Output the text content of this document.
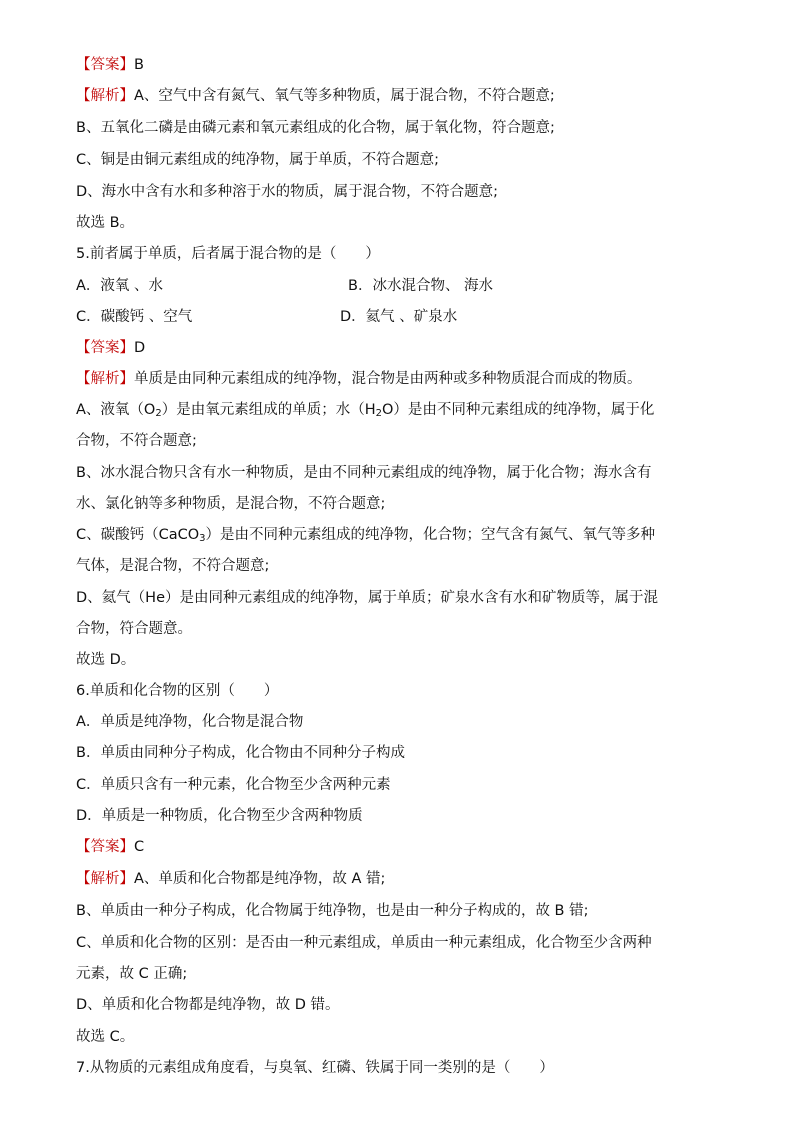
【答案】B
【解析】A、空气中含有氮气、氧气等多种物质，属于混合物，不符合题意;
B、五氧化二磷是由磷元素和氧元素组成的化合物，属于氧化物，符合题意;
C、铜是由铜元素组成的纯净物，属于单质，不符合题意;
D、海水中含有水和多种溶于水的物质，属于混合物，不符合题意;
故选 B。
5.前者属于单质，后者属于混合物的是（　　）
A．液氧 、水	B．冰水混合物、 海水
C．碳酸钙 、空气	D．氦气 、矿泉水
【答案】D
【解析】单质是由同种元素组成的纯净物，混合物是由两种或多种物质混合而成的物质。
A、液氧$(O_2)$是由氧元素组成的单质；水$(H_2O)$是由不同种元素组成的纯净物，属于化
合物，不符合题意;
B、冰水混合物只含有水一种物质，是由不同种元素组成的纯净物，属于化合物；海水含有
水、氯化钠等多种物质，是混合物，不符合题意;
C、碳酸钙（CaCO$_3$）是由不同种元素组成的纯净物，化合物；空气含有氮气、氧气等多种
气体，是混合物，不符合题意;
D、氦气（He）是由同种元素组成的纯净物，属于单质；矿泉水含有水和矿物质等，属于混
合物，符合题意。
故选 D。
6.单质和化合物的区别（　　）
A．单质是纯净物，化合物是混合物
B．单质由同种分子构成，化合物由不同种分子构成
C．单质只含有一种元素，化合物至少含两种元素
D．单质是一种物质，化合物至少含两种物质
【答案】C
【解析】A、单质和化合物都是纯净物，故 A 错;
B、单质由一种分子构成，化合物属于纯净物，也是由一种分子构成的，故 B 错;
C、单质和化合物的区别：是否由一种元素组成，单质由一种元素组成，化合物至少含两种
元素，故 C 正确;
D、单质和化合物都是纯净物，故 D 错。
故选 C。
7.从物质的元素组成角度看，与臭氧、红磷、铁属于同一类别的是（　　）
